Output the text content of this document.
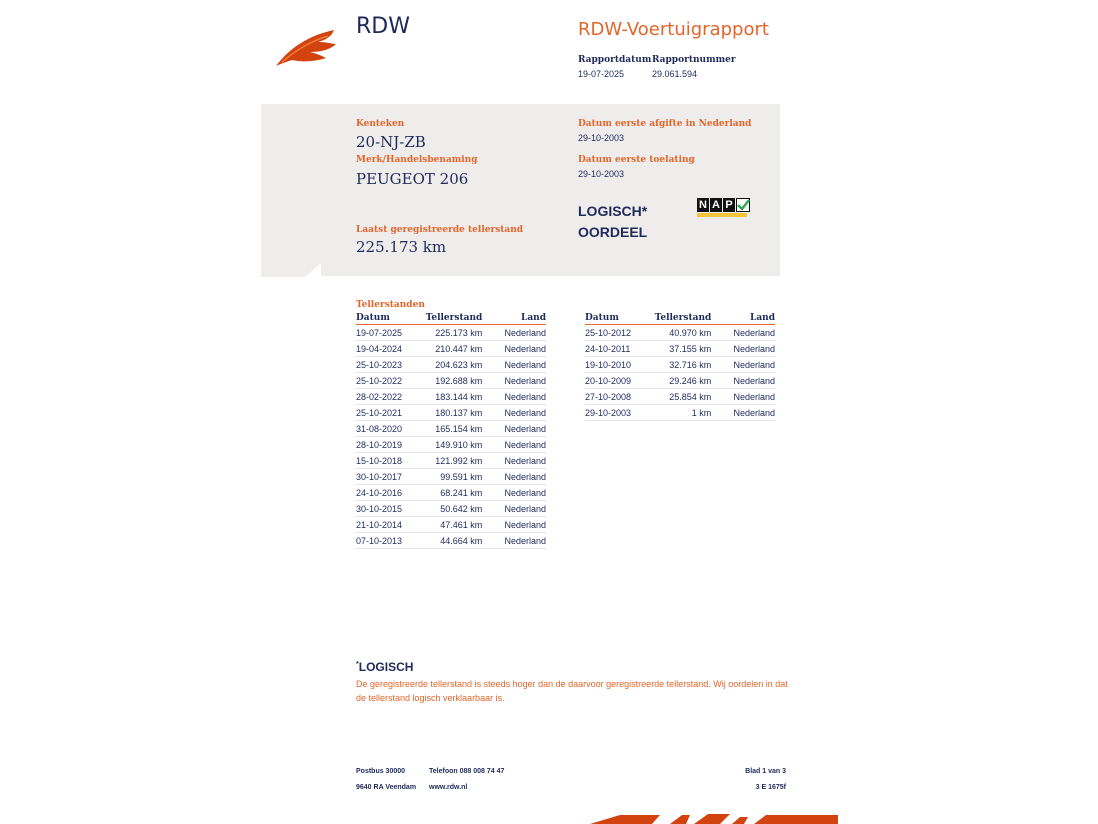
RDW	RDW-Voertuigrapport
Rapportdatum
19-07-2025
Rapportnummer
29.061.594
Kenteken
20-NJ-ZB
Merk/Handelsbenaming
PEUGEOT 206
Laatst geregistreerde tellerstand
225.173 km
Datum eerste afgifte in Nederland
29-10-2003
Datum eerste toelating
29-10-2003
LOGISCH*
OORDEEL
N A P
Tellerstanden
Datum	Tellerstand	Land
19-07-2025	225.173 km	Nederland
19-04-2024	210.447 km	Nederland
25-10-2023	204.623 km	Nederland
25-10-2022	192.688 km	Nederland
28-02-2022	183.144 km	Nederland
25-10-2021	180.137 km	Nederland
31-08-2020	165.154 km	Nederland
28-10-2019	149.910 km	Nederland
15-10-2018	121.992 km	Nederland
30-10-2017	99.591 km	Nederland
24-10-2016	68.241 km	Nederland
30-10-2015	50.642 km	Nederland
21-10-2014	47.461 km	Nederland
07-10-2013	44.664 km	Nederland
Datum	Tellerstand	Land
25-10-2012	40.970 km	Nederland
24-10-2011	37.155 km	Nederland
19-10-2010	32.716 km	Nederland
20-10-2009	29.246 km	Nederland
27-10-2008	25.854 km	Nederland
29-10-2003	1 km	Nederland
*LOGISCH
De geregistreerde tellerstand is steeds hoger dan de daarvoor geregistreerde tellerstand. Wij oordelen in dat de tellerstand logisch verklaarbaar is.
Postbus 30000
9640 RA Veendam
Telefoon 088 008 74 47
www.rdw.nl
Blad 1 van 3
3 E 1675f
